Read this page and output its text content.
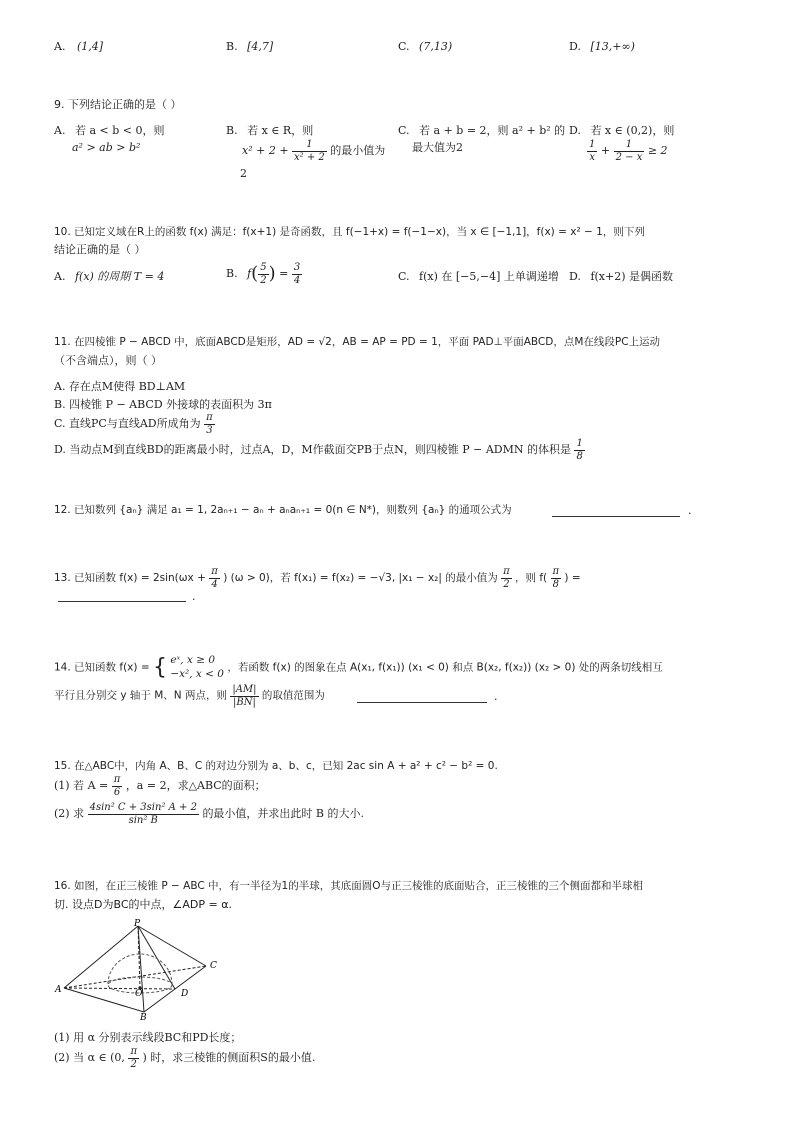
A. (1,4]	B. [4,7]	C. (7,13)	D. [13,+∞)
9. 下列结论正确的是（ ）
A. 若 a < b < 0，则
a² > ab > b²
B. 若 x ∈ R，则
$x^2 + 2 + \frac{1}{\text{x² + 2}}$ 的最小值为
2
C. 若 a + b = 2，则 a² + b² 的
最大值为2
D. 若 x ∈ (0,2)，则
$\frac{1}{x} + \frac{1}{2 - x} \ge 2$
10. 已知定义域在R上的函数 f(x) 满足：f(x+1) 是奇函数，且 f(−1+x) = f(−1−x)，当 x ∈ [−1,1]，f(x) = x² − 1，则下列
结论正确的是（ ）
A. f(x) 的周期 T = 4	B. $f( \frac{5}{2}$ ) = $\frac{3}{4}$	C. f(x) 在 [−5,−4] 上单调递增 D. f(x+2) 是偶函数
11. 在四棱锥 P − ABCD 中，底面ABCD是矩形，AD = √2，AB = AP = PD = 1，平面 PAD⊥平面ABCD，点M在线段PC上运动
（不含端点），则（ ）
A. 存在点M使得 BD⊥AM
B. 四棱锥 P − ABCD 外接球的表面积为 3π
C. 直线PC与直线AD所成角为 $\frac{\pi}{3}$
D. 当动点M到直线BD的距离最小时，过点A，D，M作截面交PB于点N，则四棱锥 P − ADMN 的体积是 $\frac{1}{8}$
12. 已知数列 {aₙ} 满足 a₁ = 1, 2aₙ₊₁ − aₙ + aₙaₙ₊₁ = 0(n ∈ N*)，则数列 {aₙ} 的通项公式为	.
13. 已知函数 $f(x) = 2\sin(\omega x + \frac{\pi}{4}$ ) (ω > 0)，若 f(x₁) = f(x₂) = −√3, |x₁ − x₂| 的最小值为 $\frac{\pi}{2}$ ，则 $f( \frac{\pi}{8}$ ) =
.
14. 已知函数 f(x) = { eˣ, x ≥ 0
−x², x < 0
，若函数 f(x) 的图象在点 A(x₁, f(x₁)) (x₁ < 0) 和点 B(x₂, f(x₂)) (x₂ > 0) 处的两条切线相互
平行且分别交 y 轴于 M、N 两点，则 $\frac{|AM|}{|BN|}$ 的取值范围为	.
15. 在△ABC中，内角 A、B、C 的对边分别为 a、b、c，已知 2ac sin A + a² + c² − b² = 0.
(1) 若 $A = \frac{\pi}{6}$ ，a = 2，求△ABC的面积；
(2) 求 $\frac{\text{4sin² C + 3sin² A + 2}}{\text{sin² B}}$ 的最小值，并求出此时 B 的大小.
16. 如图，在正三棱锥 P − ABC 中，有一半径为1的半球，其底面圆O与正三棱锥的底面贴合，正三棱锥的三个侧面都和半球相
切. 设点D为BC的中点，∠ADP = α.
P
A
B
C
D
O
(1) 用 α 分别表示线段BC和PD长度；
(2) 当 α ∈ (0, $\frac{\pi}{2}$ ) 时，求三棱锥的侧面积S的最小值.
